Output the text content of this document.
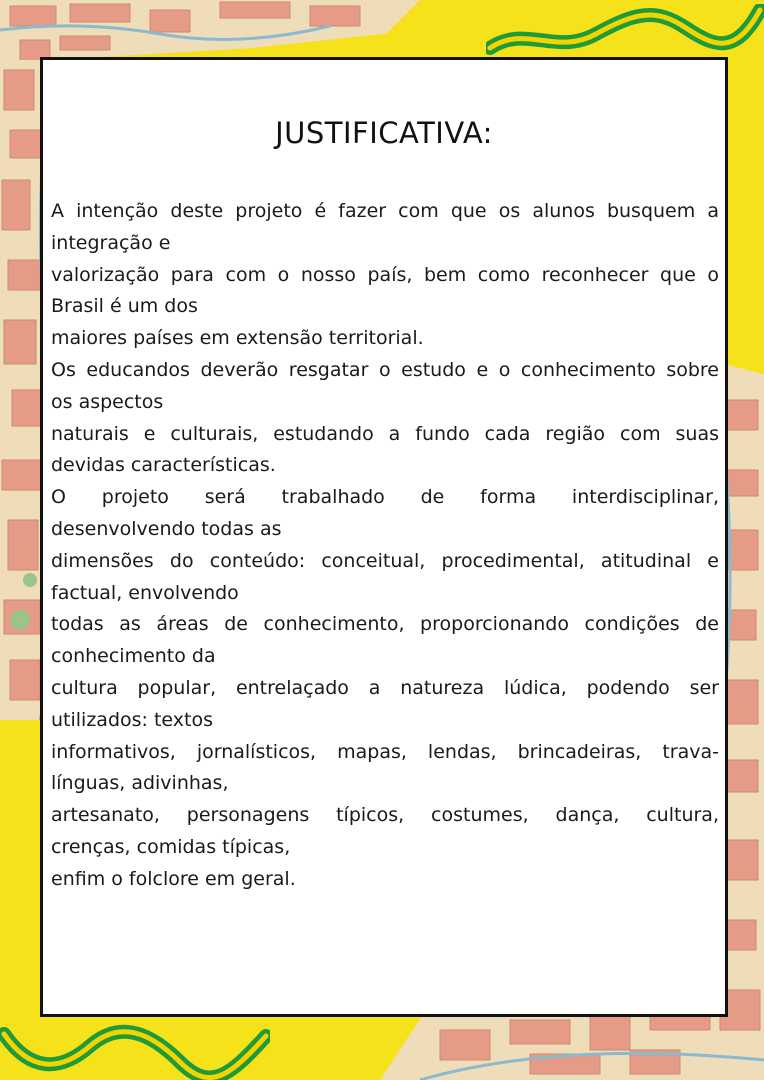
JUSTIFICATIVA:
A intenção deste projeto é fazer com que os alunos busquem a
integração e
valorização para com o nosso país, bem como reconhecer que o
Brasil é um dos
maiores países em extensão territorial.
Os educandos deverão resgatar o estudo e o conhecimento sobre
os aspectos
naturais e culturais, estudando a fundo cada região com suas
devidas características.
O projeto será trabalhado de forma interdisciplinar,
desenvolvendo todas as
dimensões do conteúdo: conceitual, procedimental, atitudinal e
factual, envolvendo
todas as áreas de conhecimento, proporcionando condições de
conhecimento da
cultura popular, entrelaçado a natureza lúdica, podendo ser
utilizados: textos
informativos, jornalísticos, mapas, lendas, brincadeiras, trava-
línguas, adivinhas,
artesanato, personagens típicos, costumes, dança, cultura,
crenças, comidas típicas,
enfim o folclore em geral.
